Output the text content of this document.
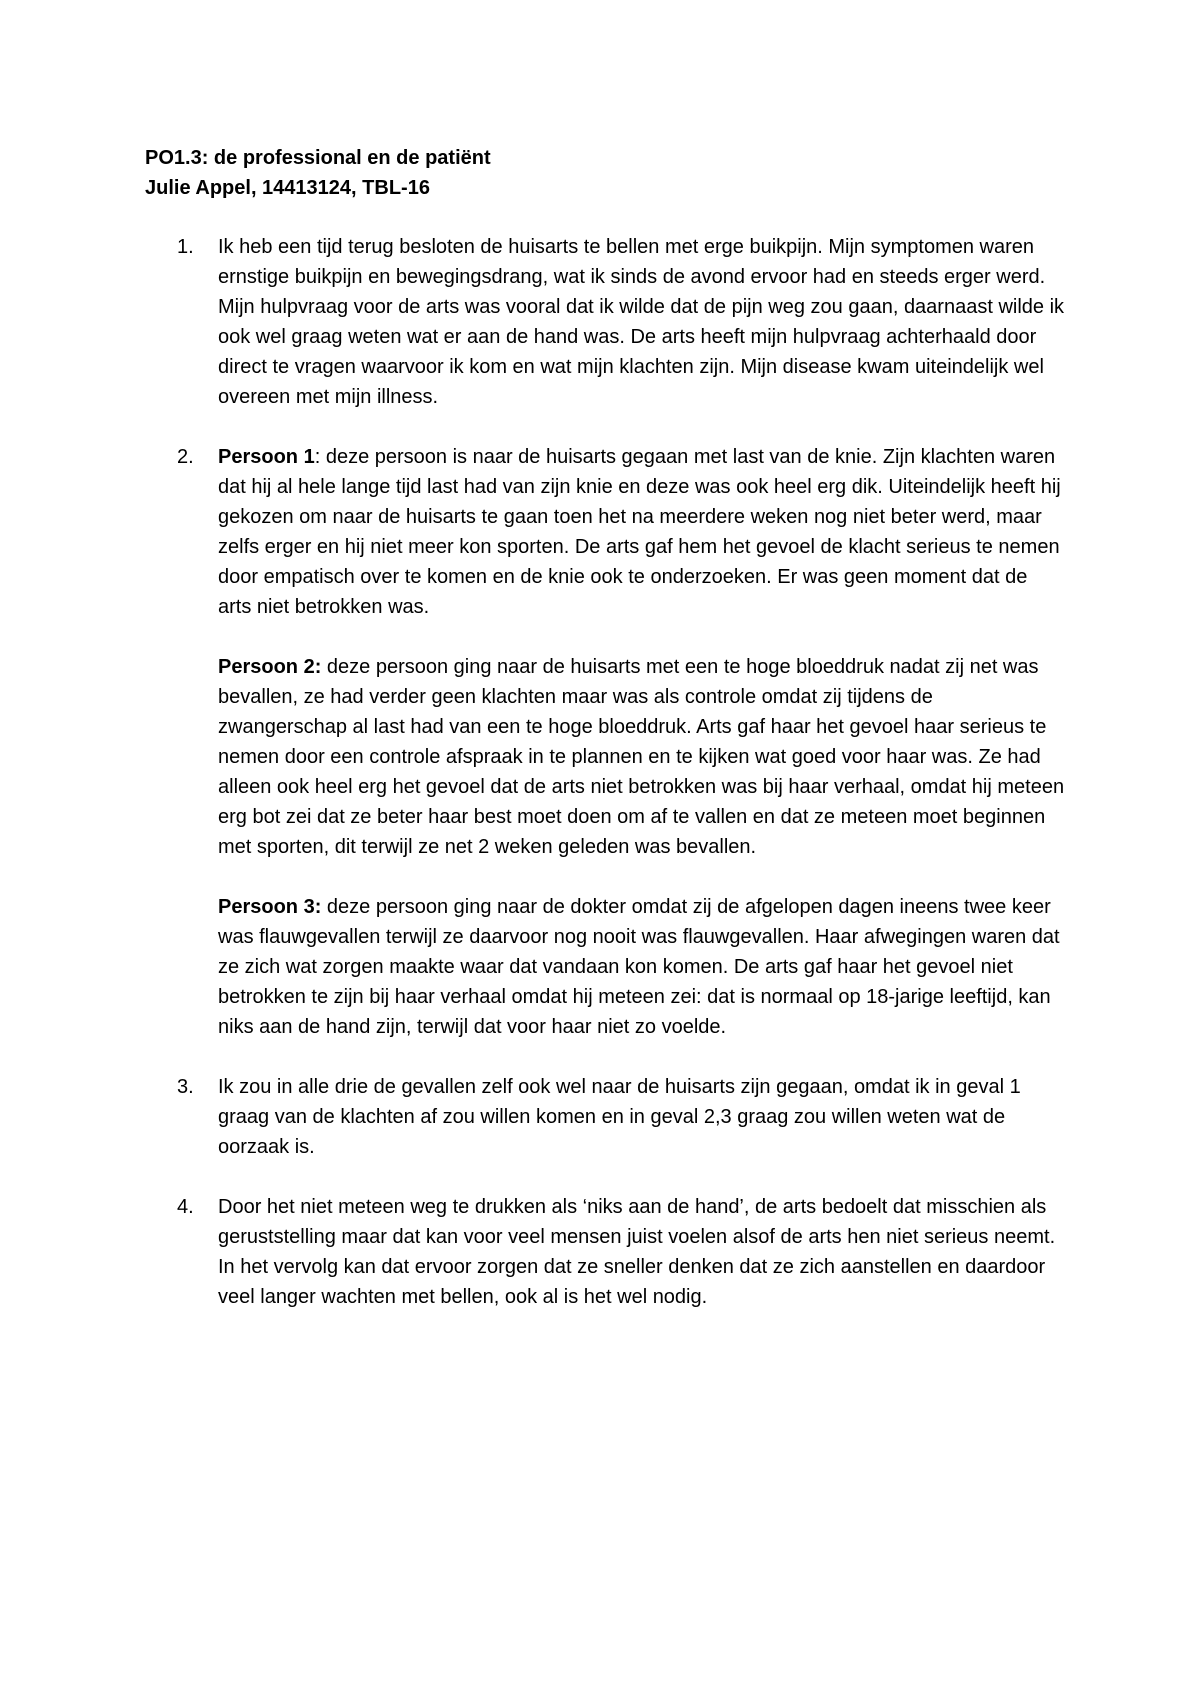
PO1.3: de professional en de patiënt
Julie Appel, 14413124, TBL-16
1. Ik heb een tijd terug besloten de huisarts te bellen met erge buikpijn. Mijn symptomen waren ernstige buikpijn en bewegingsdrang, wat ik sinds de avond ervoor had en steeds erger werd. Mijn hulpvraag voor de arts was vooral dat ik wilde dat de pijn weg zou gaan, daarnaast wilde ik ook wel graag weten wat er aan de hand was. De arts heeft mijn hulpvraag achterhaald door direct te vragen waarvoor ik kom en wat mijn klachten zijn. Mijn disease kwam uiteindelijk wel overeen met mijn illness.

2. Persoon 1: deze persoon is naar de huisarts gegaan met last van de knie. Zijn klachten waren dat hij al hele lange tijd last had van zijn knie en deze was ook heel erg dik. Uiteindelijk heeft hij gekozen om naar de huisarts te gaan toen het na meerdere weken nog niet beter werd, maar zelfs erger en hij niet meer kon sporten. De arts gaf hem het gevoel de klacht serieus te nemen door empatisch over te komen en de knie ook te onderzoeken. Er was geen moment dat de arts niet betrokken was.

Persoon 2: deze persoon ging naar de huisarts met een te hoge bloeddruk nadat zij net was bevallen, ze had verder geen klachten maar was als controle omdat zij tijdens de zwangerschap al last had van een te hoge bloeddruk. Arts gaf haar het gevoel haar serieus te nemen door een controle afspraak in te plannen en te kijken wat goed voor haar was. Ze had alleen ook heel erg het gevoel dat de arts niet betrokken was bij haar verhaal, omdat hij meteen erg bot zei dat ze beter haar best moet doen om af te vallen en dat ze meteen moet beginnen met sporten, dit terwijl ze net 2 weken geleden was bevallen.

Persoon 3: deze persoon ging naar de dokter omdat zij de afgelopen dagen ineens twee keer was flauwgevallen terwijl ze daarvoor nog nooit was flauwgevallen. Haar afwegingen waren dat ze zich wat zorgen maakte waar dat vandaan kon komen. De arts gaf haar het gevoel niet betrokken te zijn bij haar verhaal omdat hij meteen zei: dat is normaal op 18-jarige leeftijd, kan niks aan de hand zijn, terwijl dat voor haar niet zo voelde.

3. Ik zou in alle drie de gevallen zelf ook wel naar de huisarts zijn gegaan, omdat ik in geval 1 graag van de klachten af zou willen komen en in geval 2,3 graag zou willen weten wat de oorzaak is.

4. Door het niet meteen weg te drukken als ‘niks aan de hand’, de arts bedoelt dat misschien als geruststelling maar dat kan voor veel mensen juist voelen alsof de arts hen niet serieus neemt. In het vervolg kan dat ervoor zorgen dat ze sneller denken dat ze zich aanstellen en daardoor veel langer wachten met bellen, ook al is het wel nodig.
